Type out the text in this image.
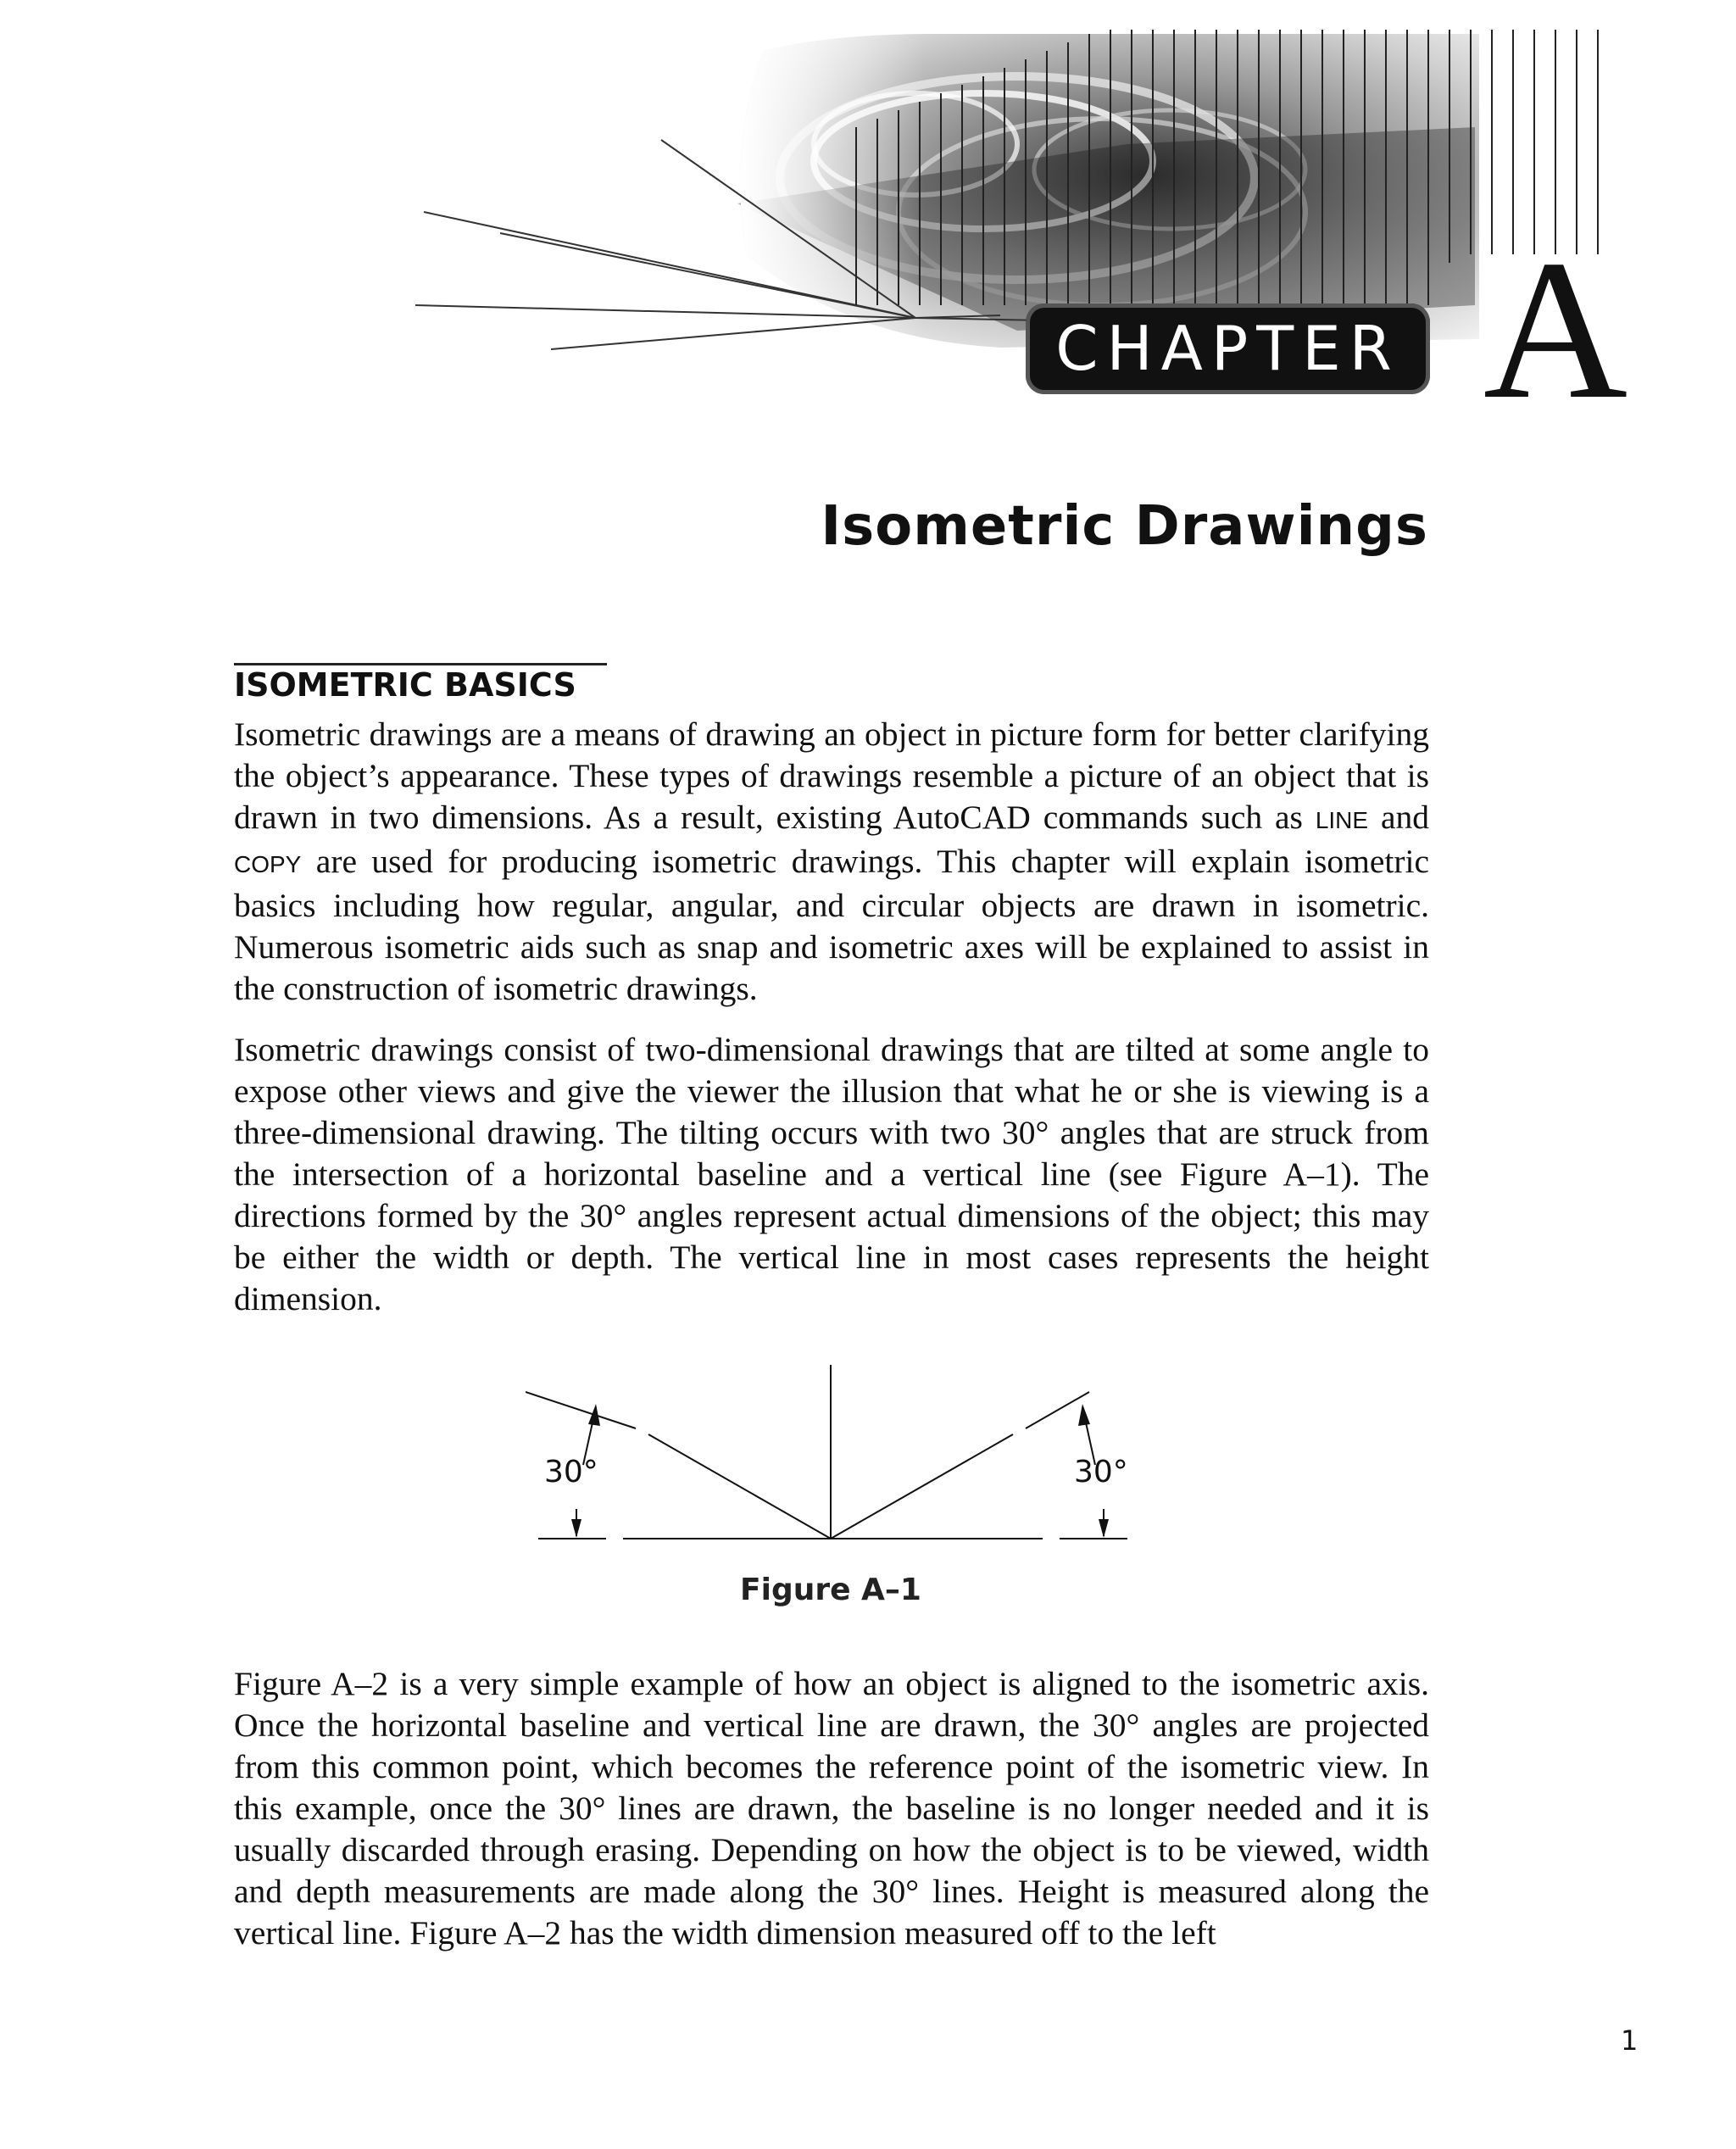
CHAPTER A
Isometric Drawings
ISOMETRIC BASICS

Isometric drawings are a means of drawing an object in picture form for better clarifying the object’s appearance. These types of drawings resemble a picture of an object that is drawn in two dimensions. As a result, existing AutoCAD commands such as LINE and COPY are used for producing isometric drawings. This chapter will explain isometric basics including how regular, angular, and circular objects are drawn in isometric. Numerous isometric aids such as snap and isometric axes will be explained to assist in the construction of isometric drawings.

Isometric drawings consist of two-dimensional drawings that are tilted at some angle to expose other views and give the viewer the illusion that what he or she is viewing is a three-dimensional drawing. The tilting occurs with two 30° angles that are struck from the intersection of a horizontal baseline and a vertical line (see Figure A–1). The directions formed by the 30° angles represent actual dimensions of the object; this may be either the width or depth. The vertical line in most cases represents the height dimension.

30°	30°

Figure A–1

Figure A–2 is a very simple example of how an object is aligned to the isometric axis. Once the horizontal baseline and vertical line are drawn, the 30° angles are projected from this common point, which becomes the reference point of the isometric view. In this example, once the 30° lines are drawn, the baseline is no longer needed and it is usually discarded through erasing. Depending on how the object is to be viewed, width and depth measurements are made along the 30° lines. Height is measured along the vertical line. Figure A–2 has the width dimension measured off to the left

1
